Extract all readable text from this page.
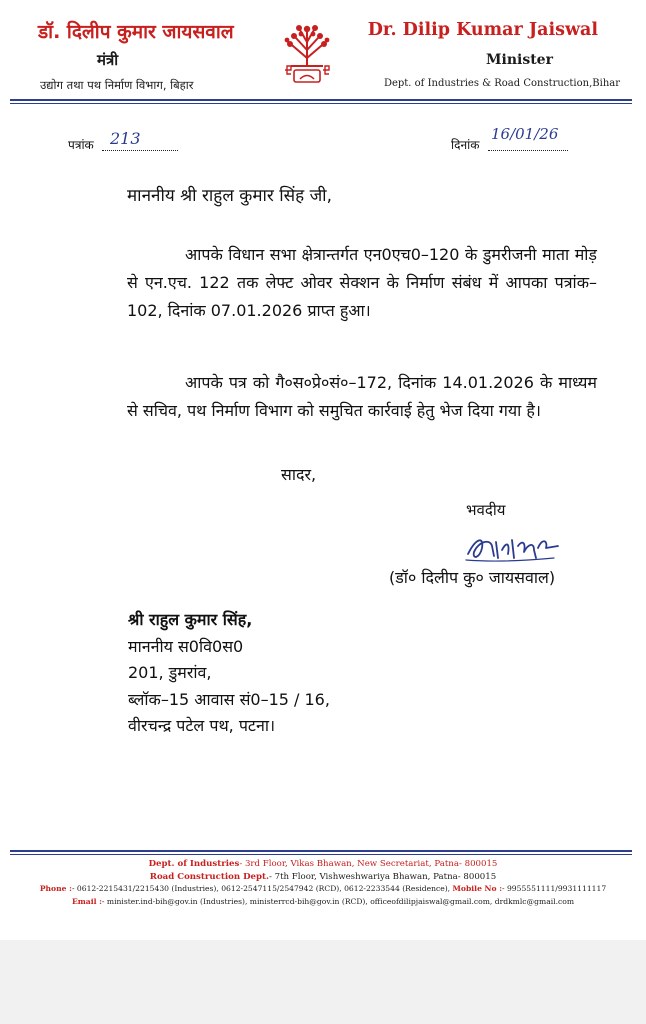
डॉ. दिलीप कुमार जायसवाल
मंत्री
उद्योग तथा पथ निर्माण विभाग, बिहार
Dr. Dilip Kumar Jaiswal
Minister
Dept. of Industries & Road Construction,Bihar
पत्रांक 213	दिनांक
16/01/26
माननीय श्री राहुल कुमार सिंह जी,
आपके विधान सभा क्षेत्रान्तर्गत एन0एच0–120 के डुमरीजनी माता मोड़ से एन.एच. 122 तक लेफ्ट ओवर सेक्शन के निर्माण संबंध में आपका पत्रांक–102, दिनांक 07.01.2026 प्राप्त हुआ।
आपके पत्र को गै०स०प्रे०सं०–172, दिनांक 14.01.2026 के माध्यम से सचिव, पथ निर्माण विभाग को समुचित कार्रवाई हेतु भेज दिया गया है।
सादर,
भवदीय
(डॉ० दिलीप कु० जायसवाल)
श्री राहुल कुमार सिंह,
माननीय स0वि0स0
201, डुमरांव,
ब्लॉक–15 आवास सं0–15 / 16,
वीरचन्द्र पटेल पथ, पटना।
Dept. of Industries- 3rd Floor, Vikas Bhawan, New Secretariat, Patna- 800015
Road Construction Dept.- 7th Floor, Vishweshwariya Bhawan, Patna- 800015
Phone :- 0612-2215431/2215430 (Industries), 0612-2547115/2547942 (RCD), 0612-2233544 (Residence), Mobile No :- 9955551111/9931111117
Email :- minister.ind-bih@gov.in (Industries), ministerrcd-bih@gov.in (RCD), officeofdilipjaiswal@gmail.com, drdkmlc@gmail.com
